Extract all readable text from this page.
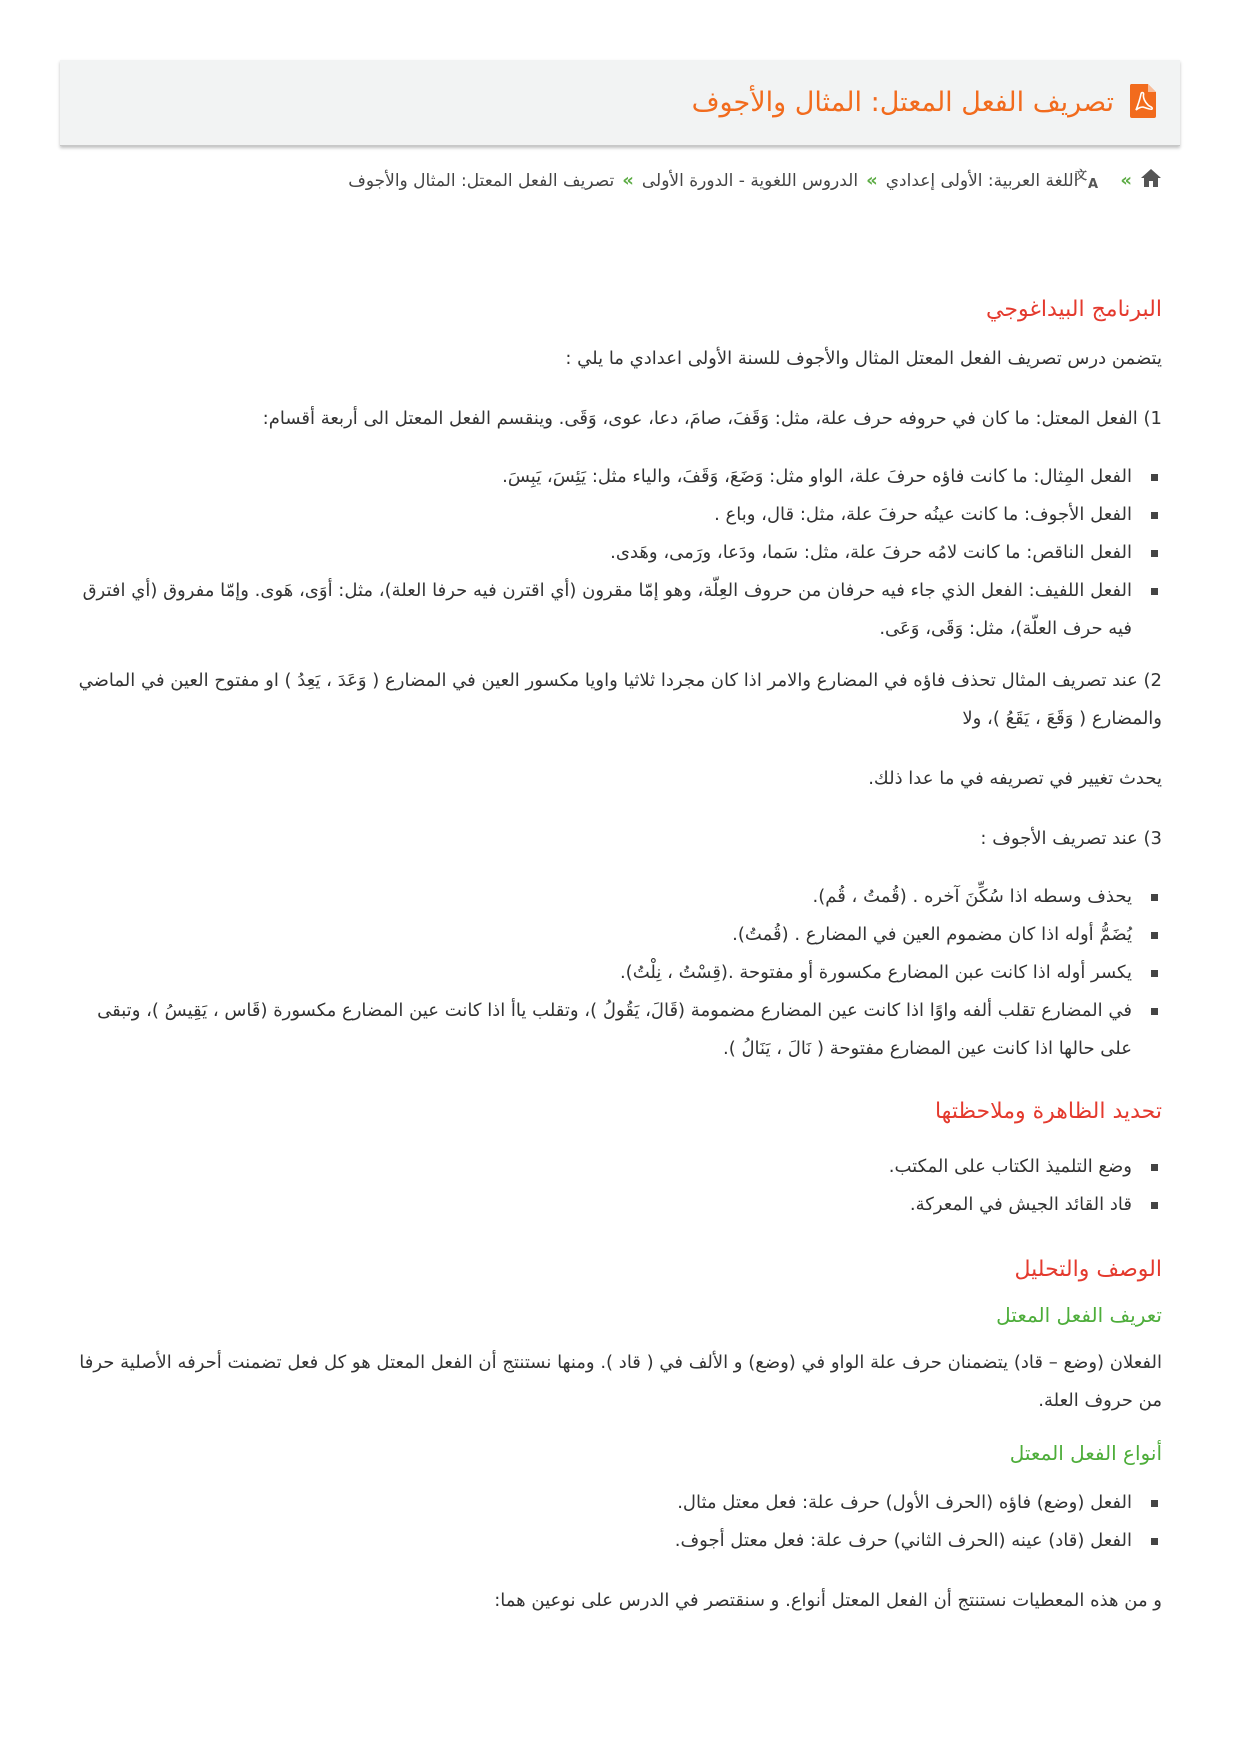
تصريف الفعل المعتل: المثال والأجوف
»
文
A
اللغة العربية: الأولى إعدادي
»
الدروس اللغوية - الدورة الأولى
»
تصريف الفعل المعتل: المثال والأجوف
البرنامج البيداغوجي

يتضمن درس تصريف الفعل المعتل المثال والأجوف للسنة الأولى اعدادي ما يلي :

1) الفعل المعتل: ما كان في حروفه حرف علة، مثل: وَقَفَ، صامَ، دعا، عوى، وَقَى. وينقسم الفعل المعتل الى أربعة أقسام:

الفعل المِثال: ما كانت فاؤه حرفَ علة، الواو مثل: وَضَعَ، وَقَفَ، والياء مثل: يَئِسَ، يَبِسَ.
الفعل الأجوف: ما كانت عينُه حرفَ علة، مثل: قال، وباع .
الفعل الناقص: ما كانت لامُه حرفَ علة، مثل: سَما، ودَعا، ورَمى، وهَدى.
الفعل اللفيف: الفعل الذي جاء فيه حرفان من حروف العِلّة، وهو إمّا مقرون (أي اقترن فيه حرفا العلة)، مثل: أوَى، هَوى. وإمّا مفروق (أي افترق فيه حرف العلّة)، مثل: وَقَى، وَعَى.

2) عند تصريف المثال تحذف فاؤه في المضارع والامر اذا كان مجردا ثلاثيا واويا مكسور العين في المضارع ( وَعَدَ ، يَعِدُ ) او مفتوح العين في الماضي والمضارع ( وَقَعَ ، يَقَعُ )، ولا

يحدث تغيير في تصريفه في ما عدا ذلك.

3) عند تصريف الأجوف :

يحذف وسطه اذا سُكِّنَ آخره . (قُمتُ ، قُم).
يُضَمُّ أوله اذا كان مضموم العين في المضارع . (قُمتُ).
يكسر أوله اذا كانت عبن المضارع مكسورة أو مفتوحة .(قِسْتُ ، نِلْتُ).
في المضارع تقلب ألفه واوًا اذا كانت عين المضارع مضمومة (قَالَ، يَقُولُ )، وتقلب ياأ اذا كانت عين المضارع مكسورة (قَاس ، يَقِيسُ )، وتبقى على حالها اذا كانت عين المضارع مفتوحة ( نَالَ ، يَنَالُ ).
تحديد الظاهرة وملاحظتها
وضع التلميذ الكتاب على المكتب.
قاد القائد الجيش في المعركة.
الوصف والتحليل
تعريف الفعل المعتل

الفعلان (وضع – قاد) يتضمنان حرف علة الواو في (وضع) و الألف في ( قاد ). ومنها نستنتج أن الفعل المعتل هو كل فعل تضمنت أحرفه الأصلية حرفا من حروف العلة.

أنواع الفعل المعتل
الفعل (وضع) فاؤه (الحرف الأول) حرف علة: فعل معتل مثال.
الفعل (قاد) عينه (الحرف الثاني) حرف علة: فعل معتل أجوف.

و من هذه المعطيات نستنتج أن الفعل المعتل أنواع. و سنقتصر في الدرس على نوعين هما:
